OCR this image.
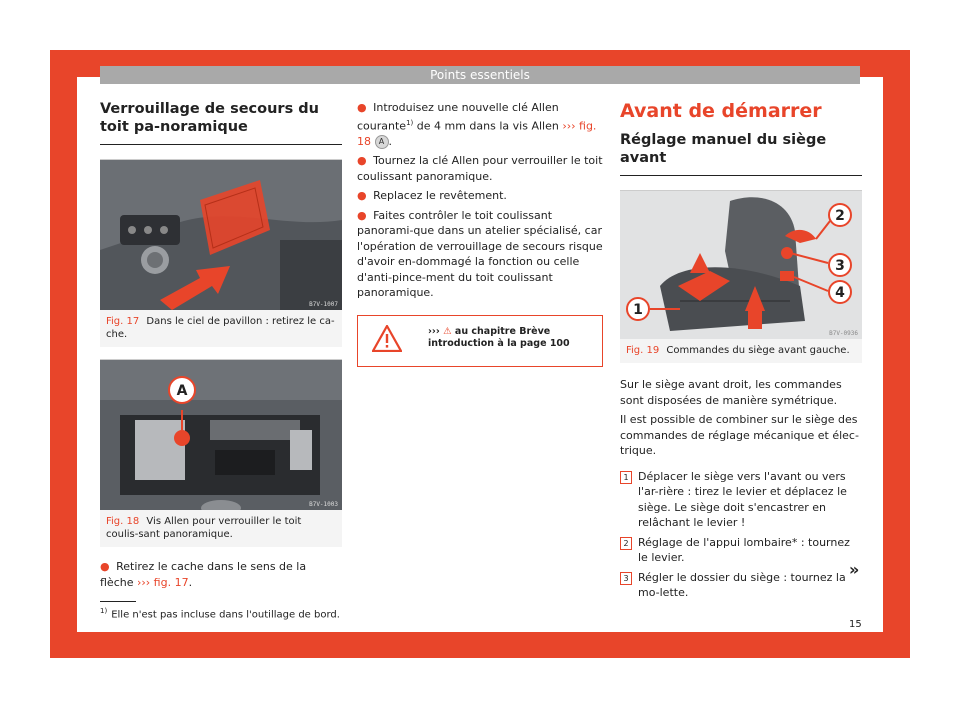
Points essentiels
Verrouillage de secours du toit pa-noramique
B7V-1007
Fig. 17 Dans le ciel de pavillon : retirez le ca-che.
A
B7V-1003
Fig. 18 Vis Allen pour verrouiller le toit coulis-sant panoramique.

● Retirez le cache dans le sens de la flèche ››› fig. 17.

● Introduisez une nouvelle clé Allen courante$^{1)}$ de 4 mm dans la vis Allen ››› fig. 18 A .

● Tournez la clé Allen pour verrouiller le toit coulissant panoramique.

● Replacez le revêtement.

● Faites contrôler le toit coulissant panorami-que dans un atelier spécialisé, car l'opération de verrouillage de secours risque d'avoir en-dommagé la fonction ou celle d'anti-pince-ment du toit coulissant panoramique.

››› ⚠ au chapitre Brève introduction à la page 100
Avant de démarrer
Réglage manuel du siège avant
1
2
3
4
B7V-0936
Fig. 19 Commandes du siège avant gauche.

Sur le siège avant droit, les commandes sont disposées de manière symétrique.

Il est possible de combiner sur le siège des commandes de réglage mécanique et élec-trique.

1 Déplacer le siège vers l'avant ou vers l'ar-rière : tirez le levier et déplacez le siège. Le siège doit s'encastrer en relâchant le levier !
2 Réglage de l'appui lombaire* : tournez le levier.
3 Régler le dossier du siège : tournez la mo-lette.
»
$^{1)}$ Elle n'est pas incluse dans l'outillage de bord.
15
